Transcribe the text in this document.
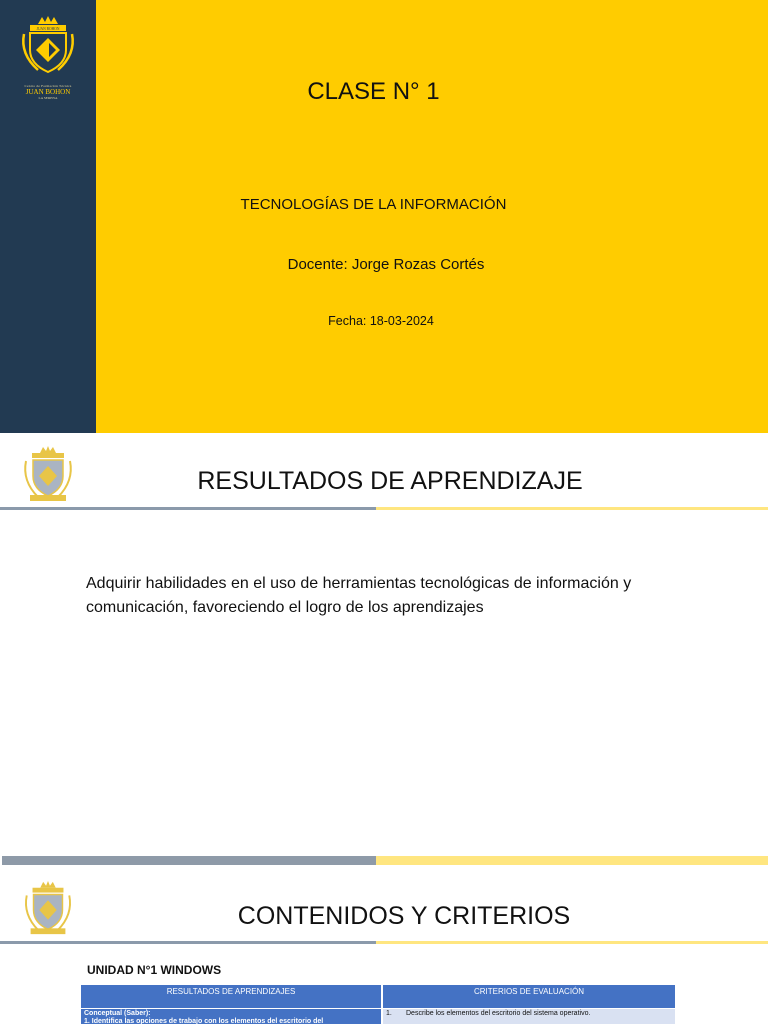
JUAN BOHON
Centro de Formación Técnica
JUAN BOHON
LA SERENA	CLASE N° 1
TECNOLOGÍAS DE LA INFORMACIÓN
Docente: Jorge Rozas Cortés
Fecha: 18-03-2024
RESULTADOS DE APRENDIZAJE
Adquirir habilidades en el uso de herramientas tecnológicas de información y comunicación, favoreciendo el logro de los aprendizajes
CONTENIDOS Y CRITERIOS
UNIDAD N°1 WINDOWS
RESULTADOS DE APRENDIZAJES	CRITERIOS DE EVALUACIÓN
Conceptual (Saber):
1. Identifica las opciones de trabajo con los elementos del escritorio del
1. Describe los elementos del escritorio del sistema operativo.
